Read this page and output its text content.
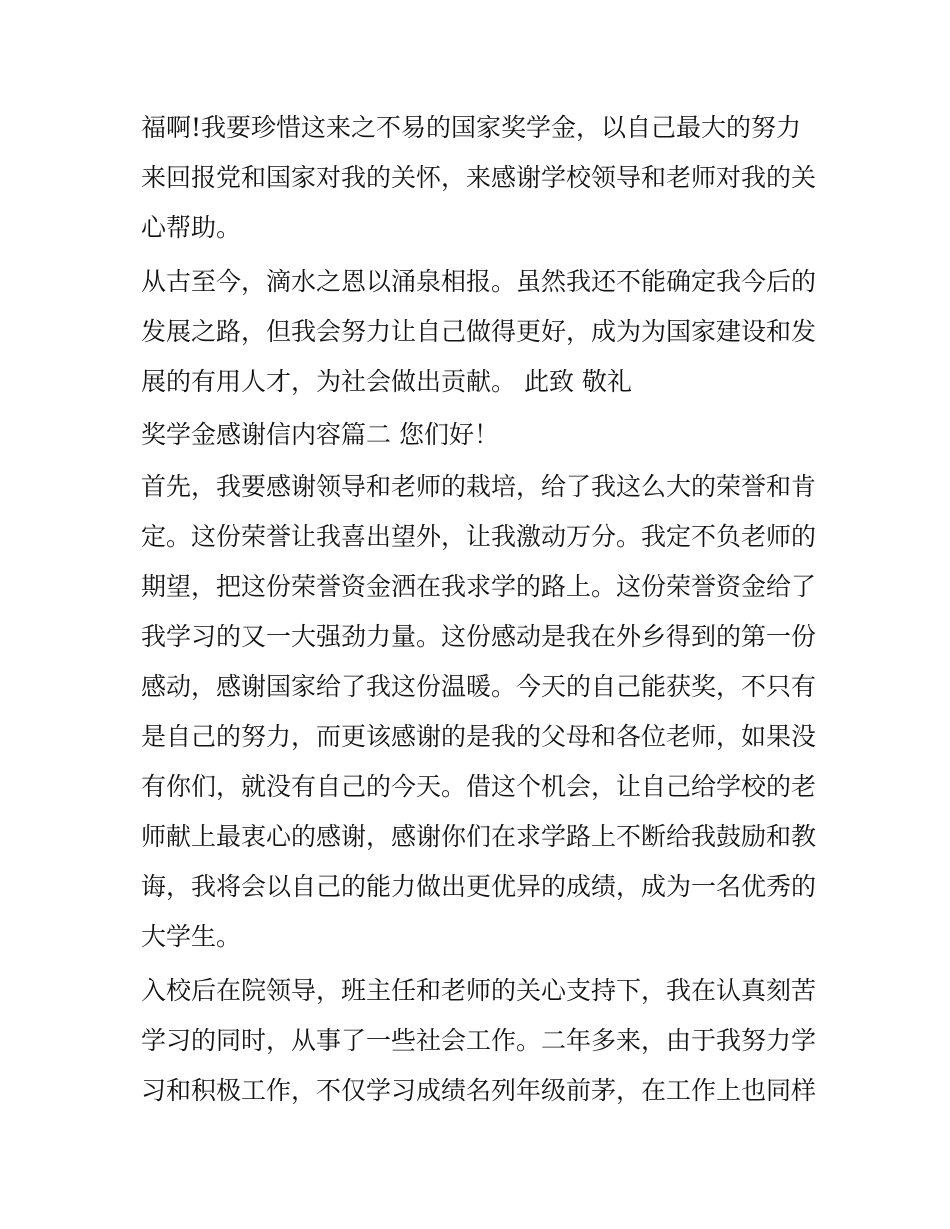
福啊!我要珍惜这来之不易的国家奖学金，以自己最大的努力
来回报党和国家对我的关怀，来感谢学校领导和老师对我的关
心帮助。
从古至今，滴水之恩以涌泉相报。虽然我还不能确定我今后的
发展之路，但我会努力让自己做得更好，成为为国家建设和发
展的有用人才，为社会做出贡献。 此致 敬礼
奖学金感谢信内容篇二 您们好！
首先，我要感谢领导和老师的栽培，给了我这么大的荣誉和肯
定。这份荣誉让我喜出望外，让我激动万分。我定不负老师的
期望，把这份荣誉资金洒在我求学的路上。这份荣誉资金给了
我学习的又一大强劲力量。这份感动是我在外乡得到的第一份
感动，感谢国家给了我这份温暖。今天的自己能获奖，不只有
是自己的努力，而更该感谢的是我的父母和各位老师，如果没
有你们，就没有自己的今天。借这个机会，让自己给学校的老
师献上最衷心的感谢，感谢你们在求学路上不断给我鼓励和教
诲，我将会以自己的能力做出更优异的成绩，成为一名优秀的
大学生。
入校后在院领导，班主任和老师的关心支持下，我在认真刻苦
学习的同时，从事了一些社会工作。二年多来，由于我努力学
习和积极工作，不仅学习成绩名列年级前茅，在工作上也同样
